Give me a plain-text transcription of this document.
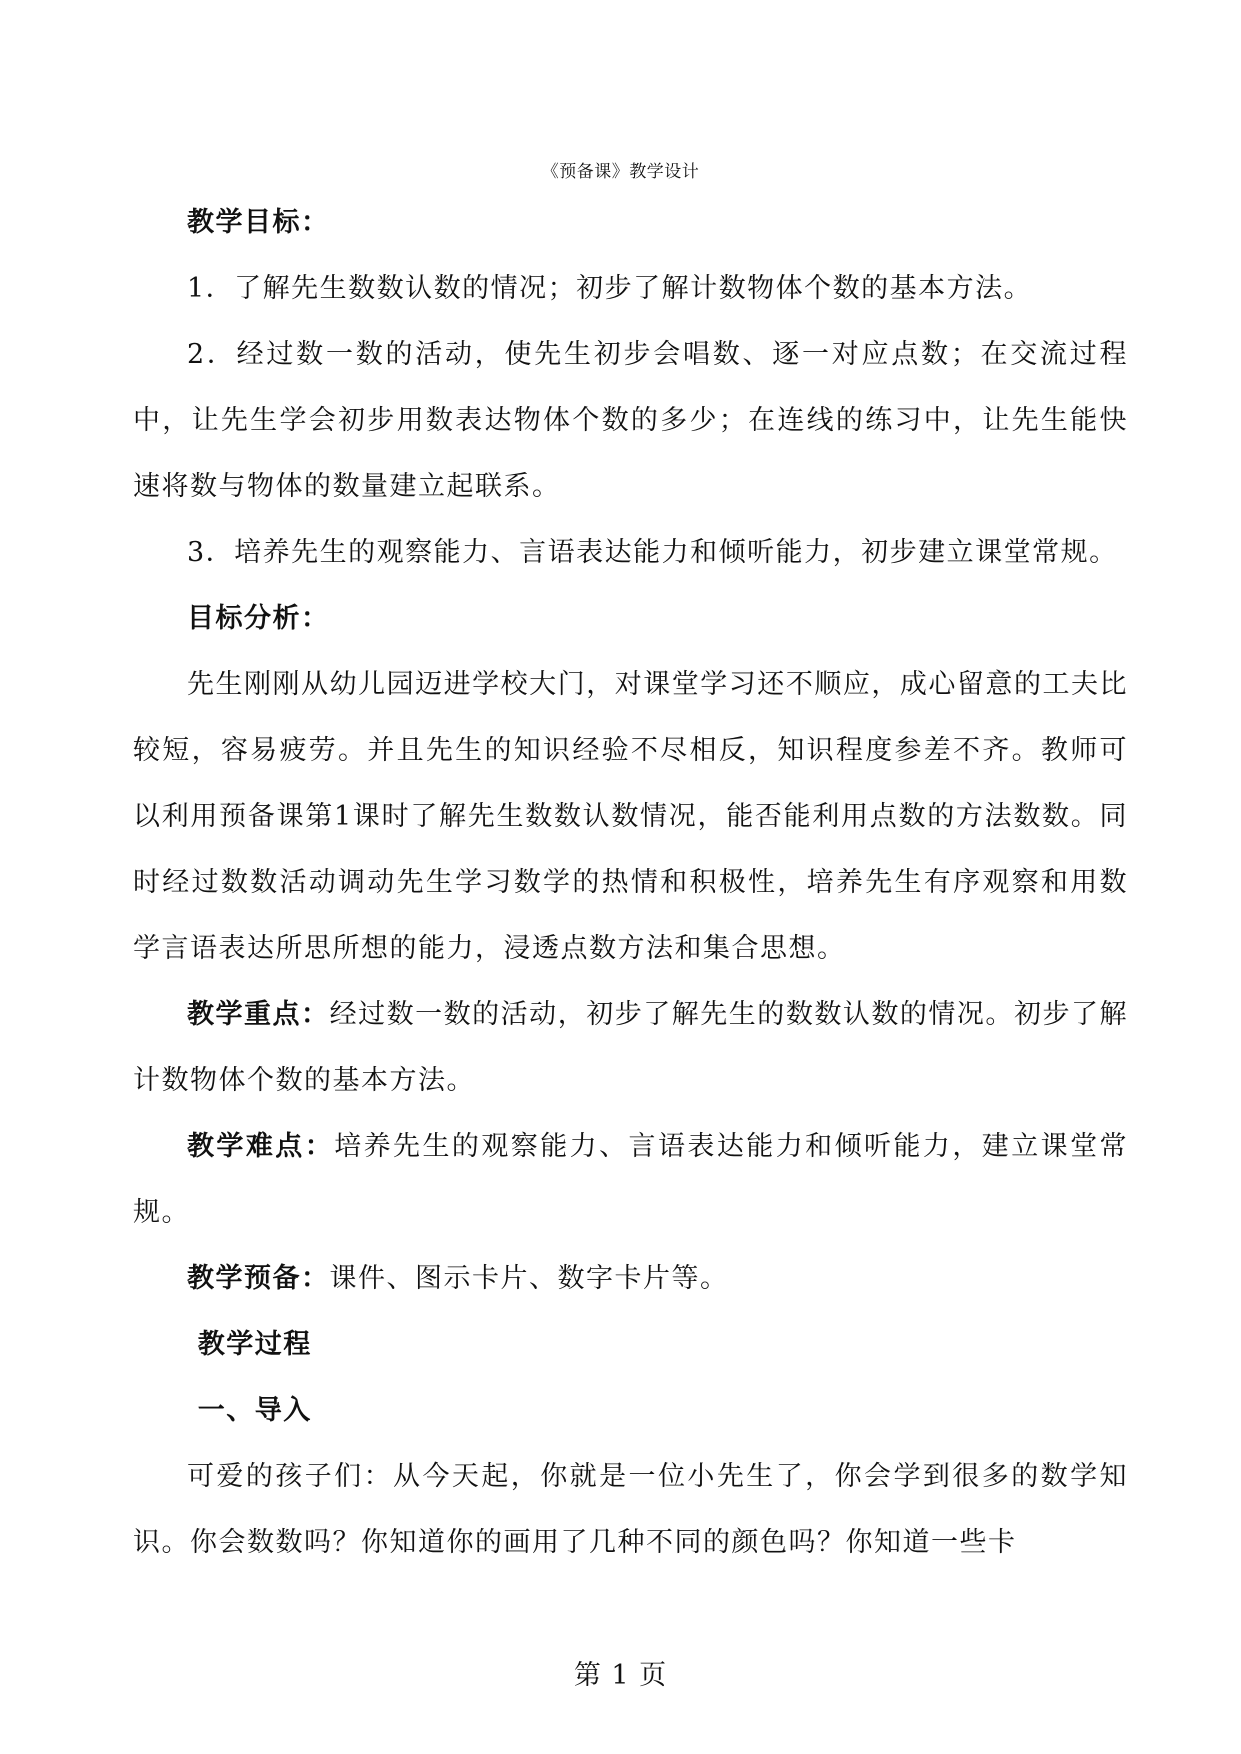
《预备课》教学设计

教学目标：

1．了解先生数数认数的情况；初步了解计数物体个数的基本方法。

2．经过数一数的活动，使先生初步会唱数、逐一对应点数；在交流过程中，让先生学会初步用数表达物体个数的多少；在连线的练习中，让先生能快速将数与物体的数量建立起联系。

3．培养先生的观察能力、言语表达能力和倾听能力，初步建立课堂常规。

目标分析：

先生刚刚从幼儿园迈进学校大门，对课堂学习还不顺应，成心留意的工夫比较短，容易疲劳。并且先生的知识经验不尽相反，知识程度参差不齐。教师可以利用预备课第1课时了解先生数数认数情况，能否能利用点数的方法数数。同时经过数数活动调动先生学习数学的热情和积极性，培养先生有序观察和用数学言语表达所思所想的能力，浸透点数方法和集合思想。

教学重点：经过数一数的活动，初步了解先生的数数认数的情况。初步了解计数物体个数的基本方法。

教学难点：培养先生的观察能力、言语表达能力和倾听能力，建立课堂常规。

教学预备：课件、图示卡片、数字卡片等。

教学过程

一、导入

可爱的孩子们：从今天起，你就是一位小先生了，你会学到很多的数学知识。你会数数吗？你知道你的画用了几种不同的颜色吗？你知道一些卡

第 1 页
